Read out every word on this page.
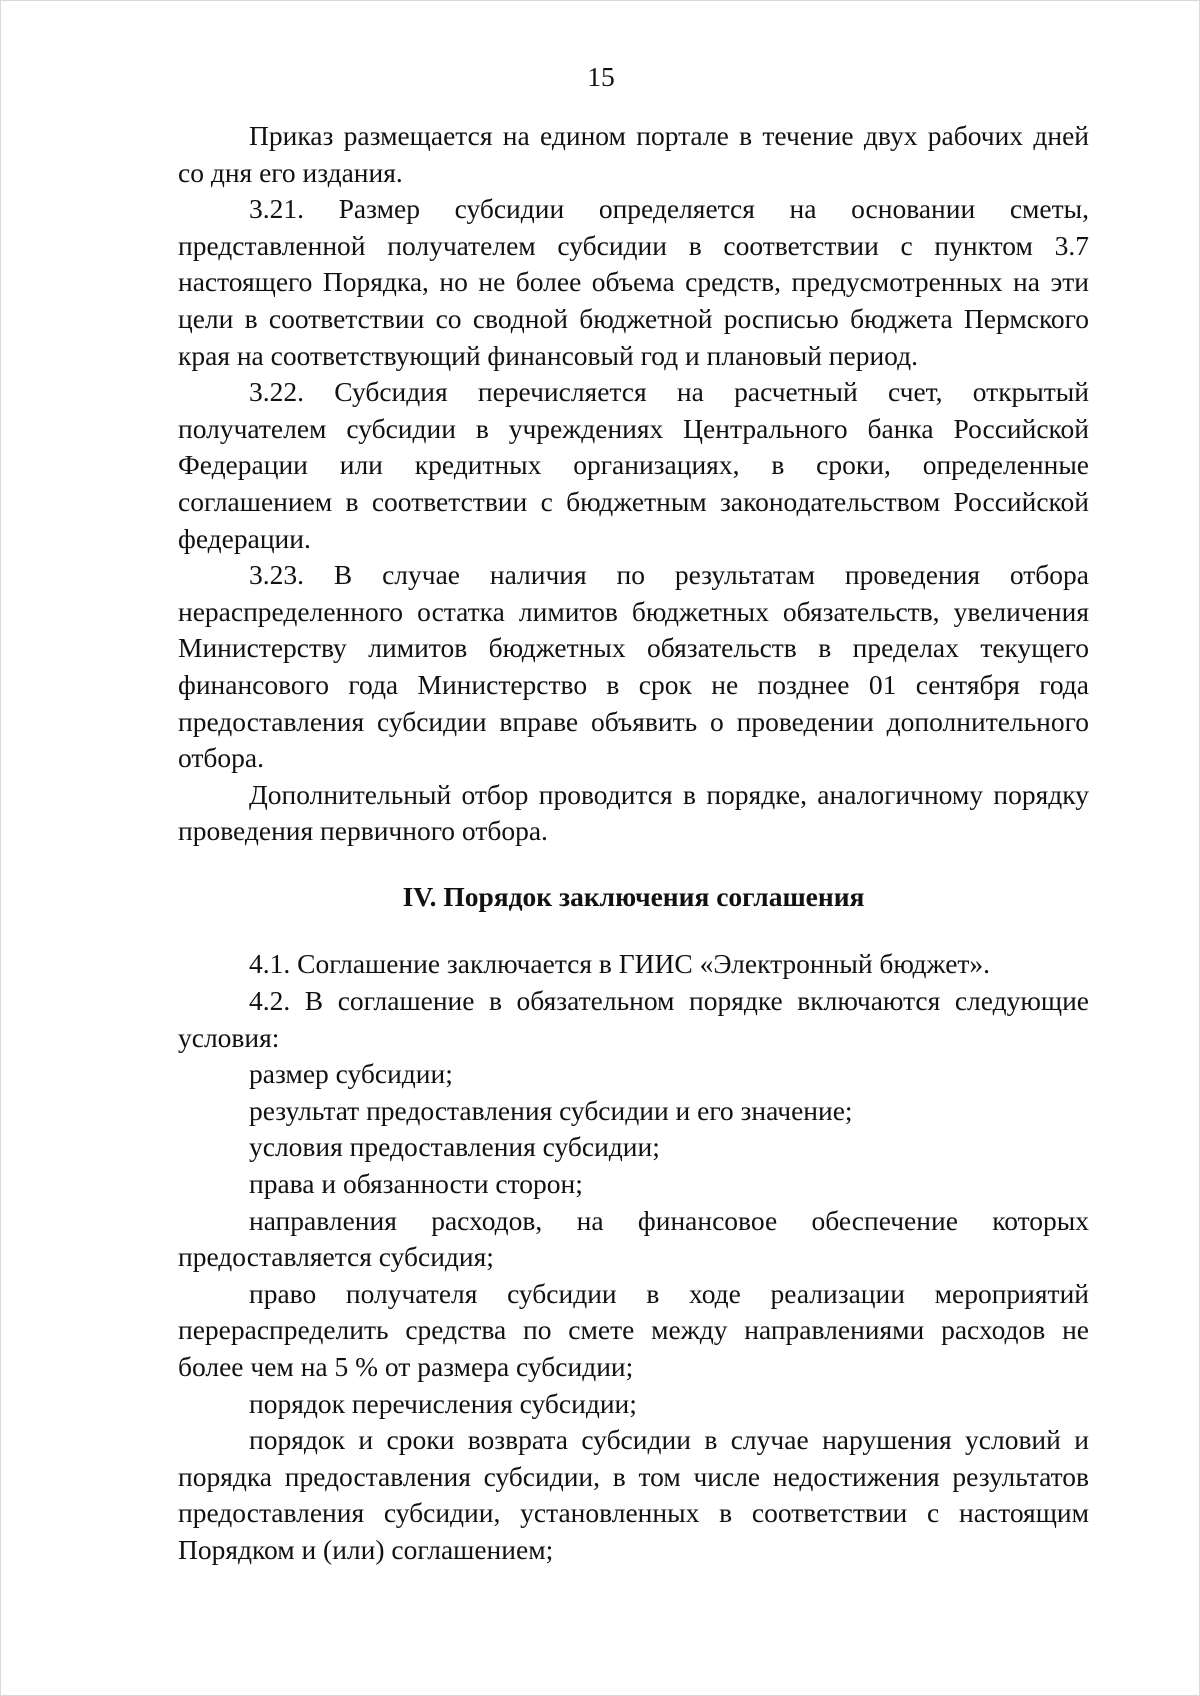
15

Приказ размещается на едином портале в течение двух рабочих дней со дня его издания.

3.21. Размер субсидии определяется на основании сметы, представленной получателем субсидии в соответствии с пунктом 3.7 настоящего Порядка, но не более объема средств, предусмотренных на эти цели в соответствии со сводной бюджетной росписью бюджета Пермского края на соответствующий финансовый год и плановый период.

3.22. Субсидия перечисляется на расчетный счет, открытый получателем субсидии в учреждениях Центрального банка Российской Федерации или кредитных организациях, в сроки, определенные соглашением в соответствии с бюджетным законодательством Российской федерации.

3.23. В случае наличия по результатам проведения отбора нераспределенного остатка лимитов бюджетных обязательств, увеличения Министерству лимитов бюджетных обязательств в пределах текущего финансового года Министерство в срок не позднее 01 сентября года предоставления субсидии вправе объявить о проведении дополнительного отбора.

Дополнительный отбор проводится в порядке, аналогичному порядку проведения первичного отбора.

IV. Порядок заключения соглашения

4.1. Соглашение заключается в ГИИС «Электронный бюджет».

4.2. В соглашение в обязательном порядке включаются следующие условия:

размер субсидии;

результат предоставления субсидии и его значение;

условия предоставления субсидии;

права и обязанности сторон;

направления расходов, на финансовое обеспечение которых предоставляется субсидия;

право получателя субсидии в ходе реализации мероприятий перераспределить средства по смете между направлениями расходов не более чем на 5 % от размера субсидии;

порядок перечисления субсидии;

порядок и сроки возврата субсидии в случае нарушения условий и порядка предоставления субсидии, в том числе недостижения результатов предоставления субсидии, установленных в соответствии с настоящим Порядком и (или) соглашением;
